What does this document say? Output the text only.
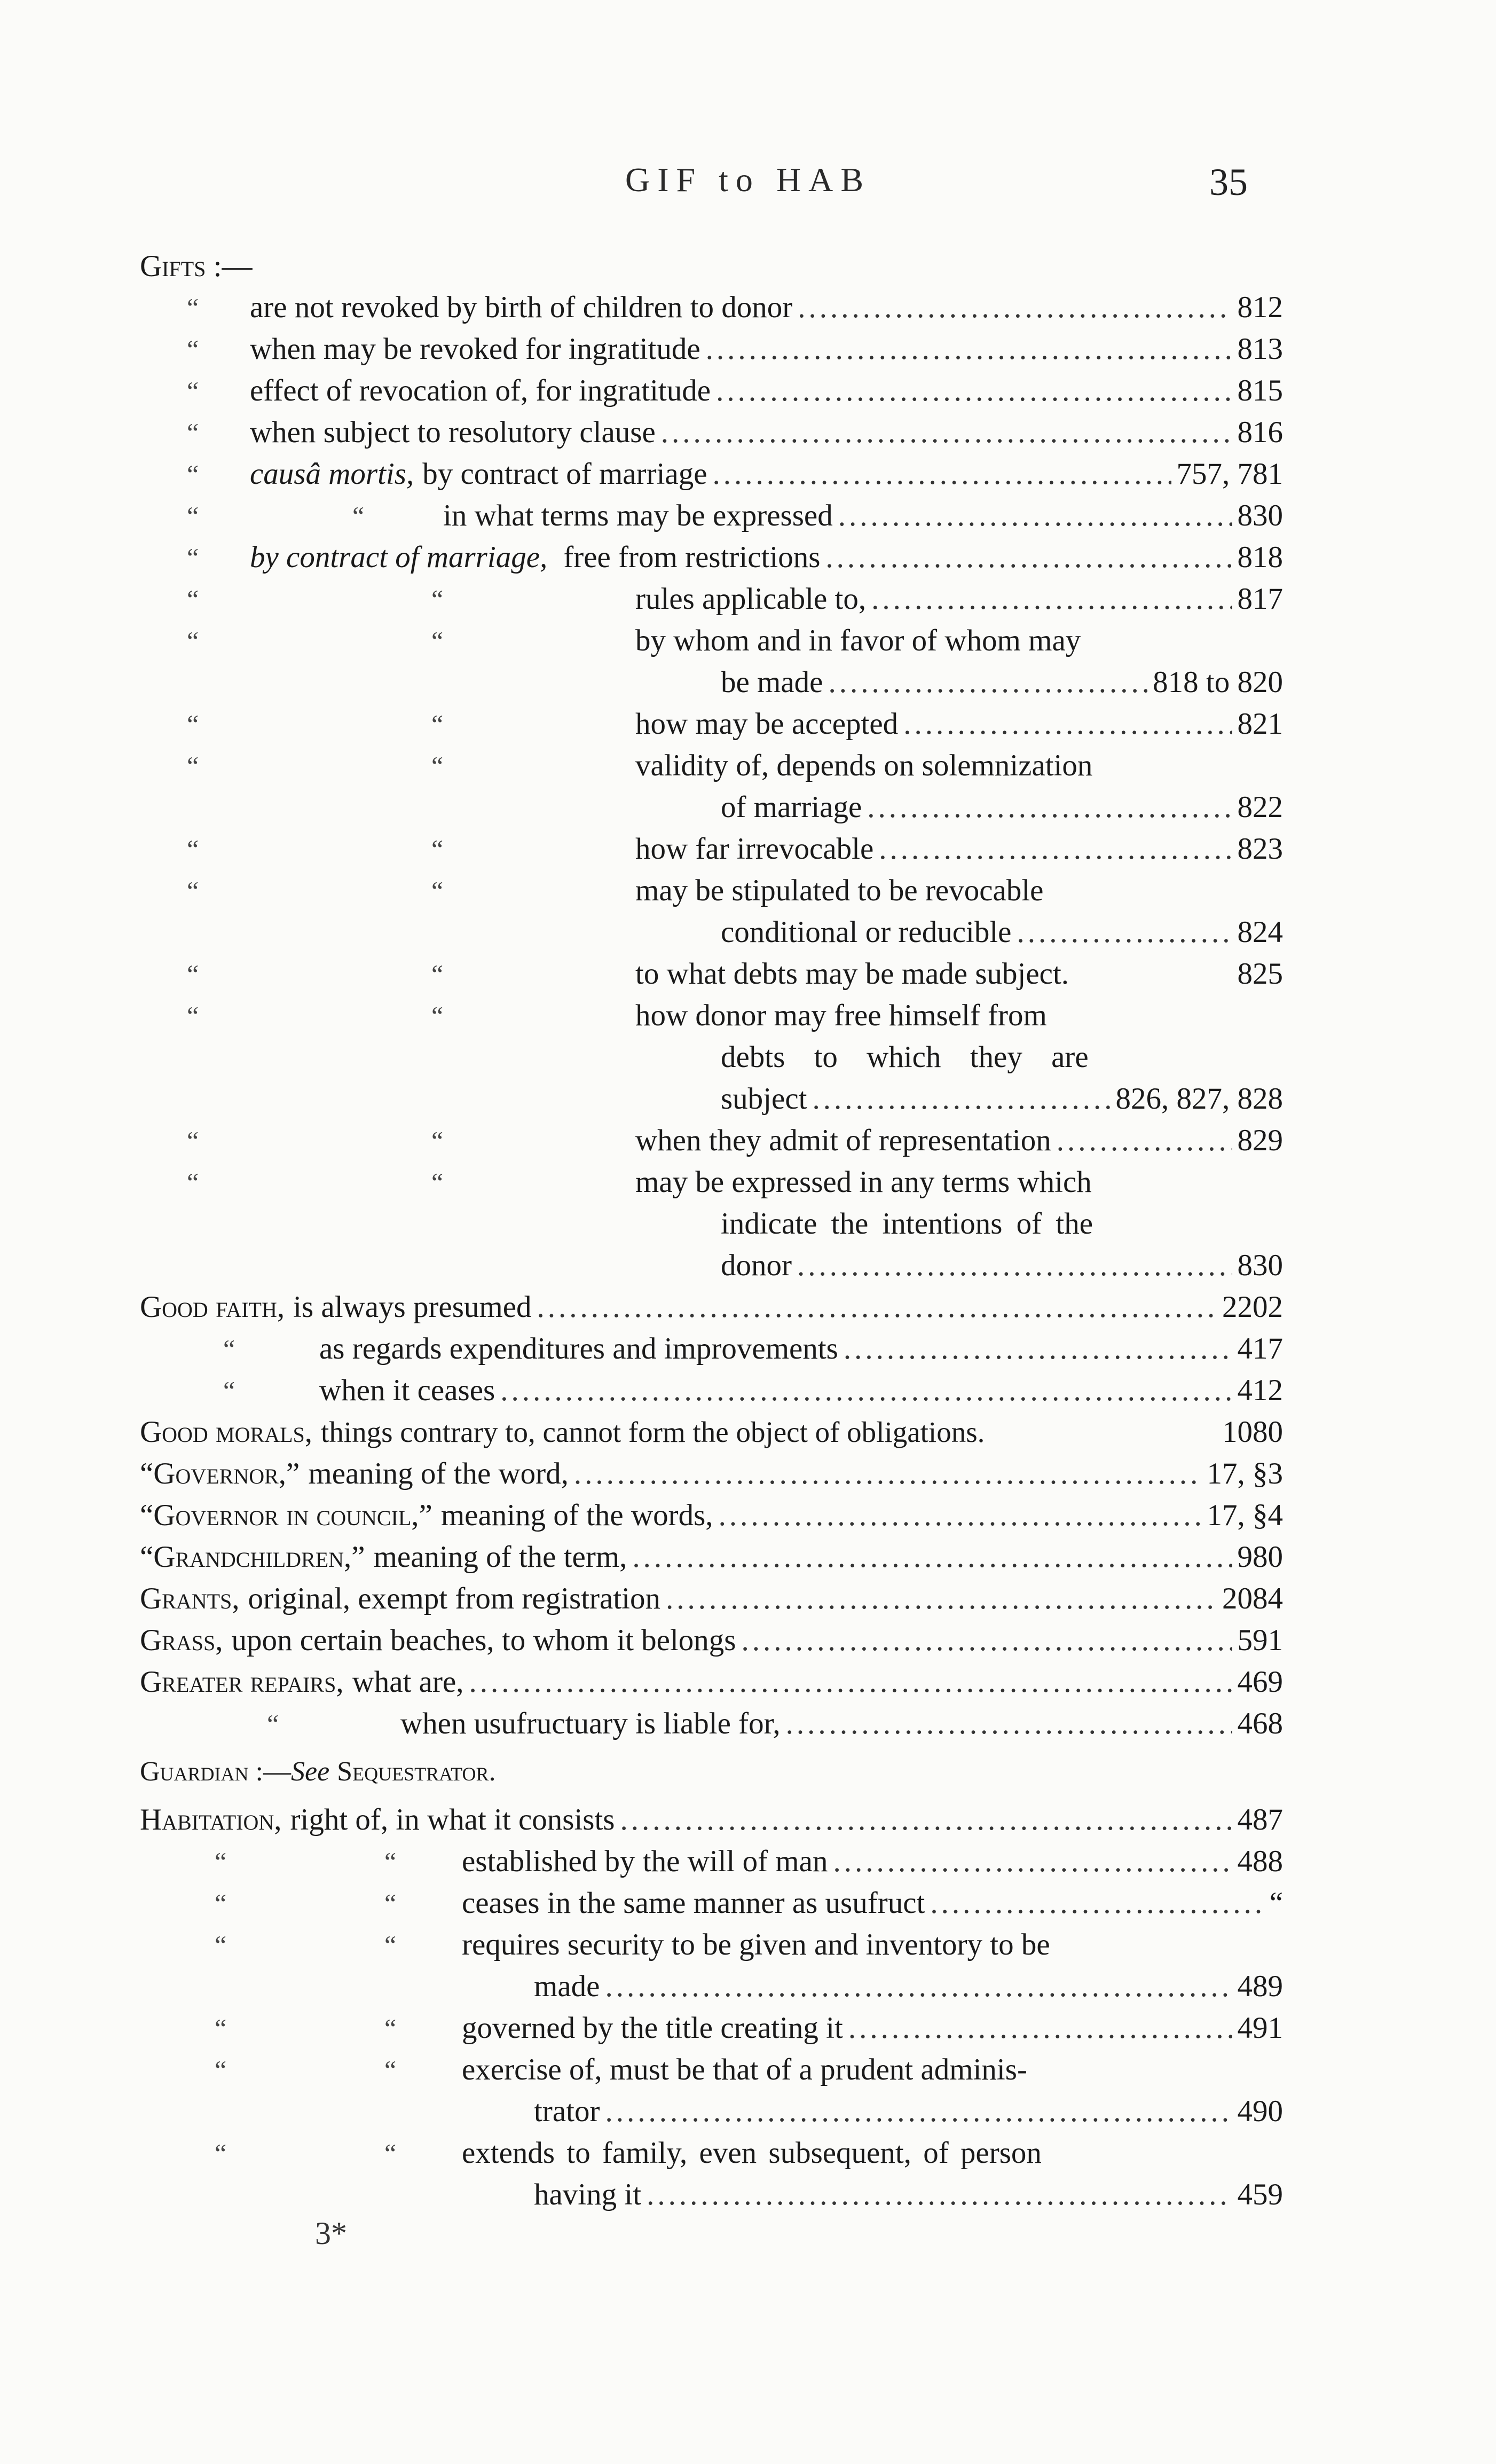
GIF to HAB	35
Gifts :—
“ are not revoked by birth of children to donor .....	812
“ when may be revoked for ingratitude .....	813
“ effect of revocation of, for ingratitude .....	815
“ when subject to resolutory clause .....	816
“ causâ mortis, by contract of marriage .....	757, 781
“	“	in what terms may be expressed .....	830
“ by contract of marriage, free from restrictions .....	818
“	“	rules applicable to, .....	817
“	“	by whom and in favor of whom may
be made .....	818 to 820
“	“	how may be accepted .....	821
“	“	validity of, depends on solemnization
of marriage .....	822
“	“	how far irrevocable .....	823
“	“	may be stipulated to be revocable
conditional or reducible .....	824
“	“	to what debts may be made subject.	825
“	“	how donor may free himself from
debts to which they are
subject .....	826, 827, 828
“	“	when they admit of representation .....	829
“	“	may be expressed in any terms which
indicate the intentions of the
donor .....	830
Good faith, is always presumed .....	2202
“	as regards expenditures and improvements .....	417
“	when it ceases .....	412
Good morals, things contrary to, cannot form the object of obligations.	1080
“Governor,” meaning of the word, .....	17, §3
“Governor in council,” meaning of the words, .....	17, §4
“Grandchildren,” meaning of the term, .....	980
Grants, original, exempt from registration .....	2084
Grass, upon certain beaches, to whom it belongs .....	591
Greater repairs, what are, .....	469
“	when usufructuary is liable for, .....	468
Guardian :— See Sequestrator.
Habitation, right of, in what it consists .....	487
“	“ established by the will of man .....	488
“	“ ceases in the same manner as usufruct .....	“
“	“ requires security to be given and inventory to be
made .....	489
“	“ governed by the title creating it .....	491
“	“ exercise of, must be that of a prudent adminis-
trator .....	490
“	“ extends to family, even subsequent, of person
having it .....	459
3*
